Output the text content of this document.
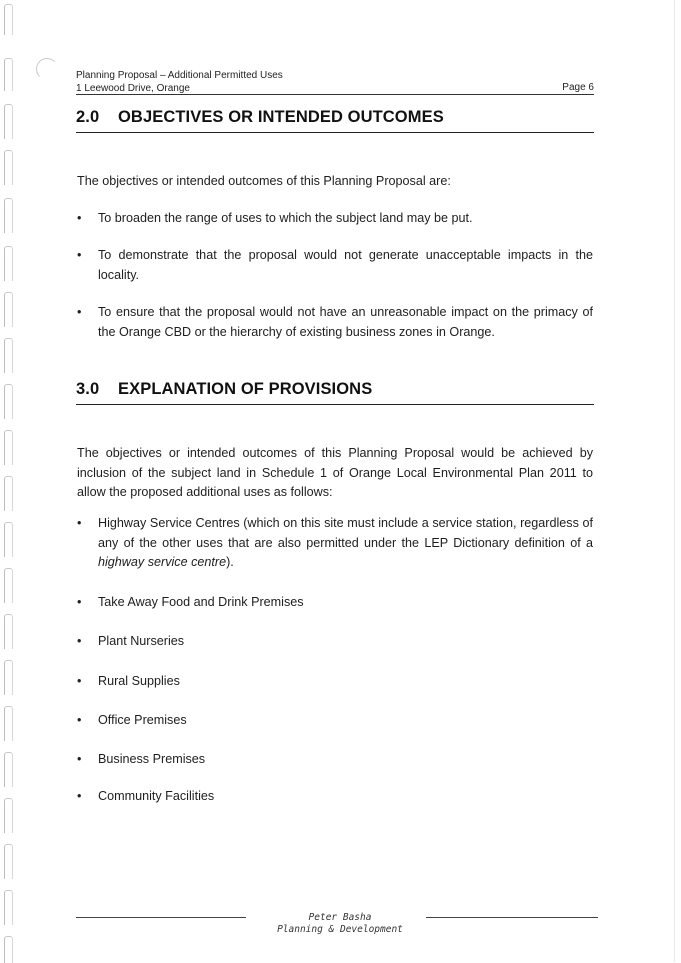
Planning Proposal – Additional Permitted Uses
1 Leewood Drive, Orange	Page 6
2.0 OBJECTIVES OR INTENDED OUTCOMES
The objectives or intended outcomes of this Planning Proposal are:
•	To broaden the range of uses to which the subject land may be put.
•	To demonstrate that the proposal would not generate unacceptable impacts in the locality.
•	To ensure that the proposal would not have an unreasonable impact on the primacy of the Orange CBD or the hierarchy of existing business zones in Orange.
3.0 EXPLANATION OF PROVISIONS
The objectives or intended outcomes of this Planning Proposal would be achieved by inclusion of the subject land in Schedule 1 of Orange Local Environmental Plan 2011 to allow the proposed additional uses as follows:
•	Highway Service Centres (which on this site must include a service station, regardless of any of the other uses that are also permitted under the LEP Dictionary definition of a highway service centre).
•	Take Away Food and Drink Premises
•	Plant Nurseries
•	Rural Supplies
•	Office Premises
•	Business Premises
•	Community Facilities
Peter Basha
Planning & Development
